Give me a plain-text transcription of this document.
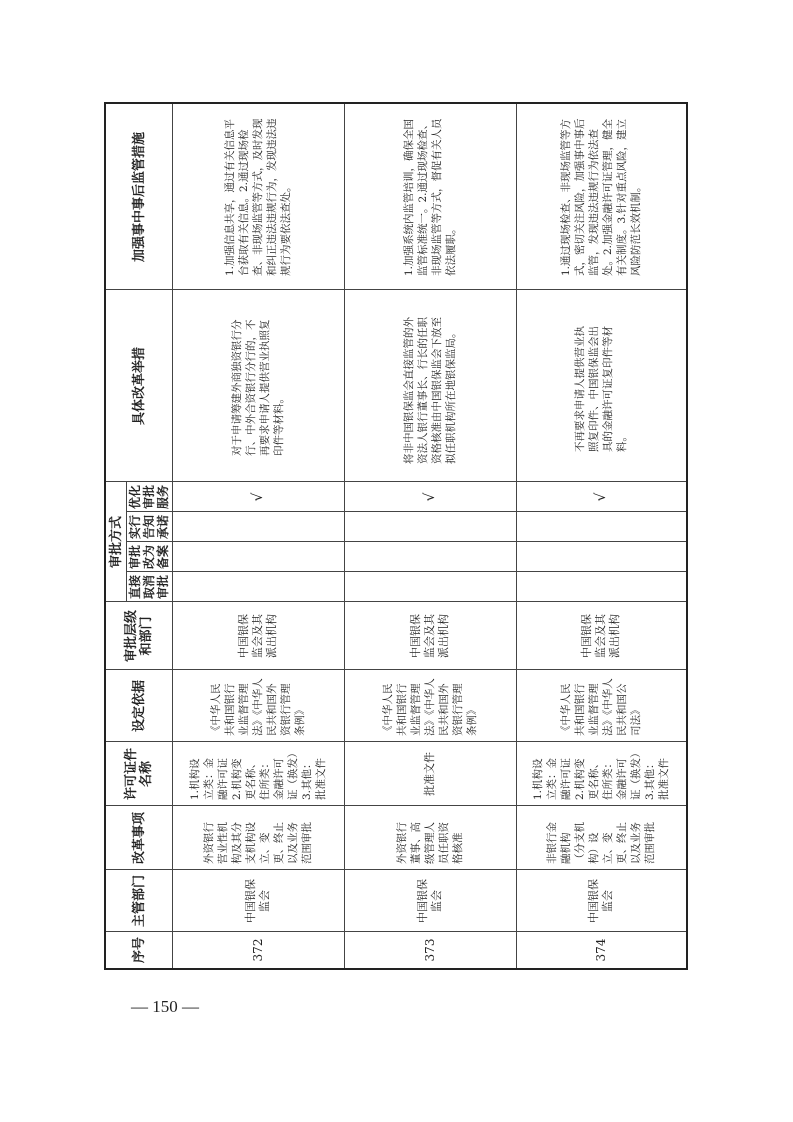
序号
主管部门
改革事项
许可证件名称
设定依据
审批层级和部门
审批方式
直接取消审批
审批改为备案
实行告知承诺
优化审批服务
具体改革举措
加强事中事后监管措施
372
中国银保监会
外资银行营业性机构及其分支机构设立、变更、终止以及业务范围审批
1.机构设立类：金融许可证 2.机构变更名称、住所类：金融许可证（换发）3.其他：批准文件
《中华人民共和国银行业监督管理法》《中华人民共和国外资银行管理条例》
中国银保监会及其派出机构
√
对于申请筹建外商独资银行分行、中外合资银行分行的，不再要求申请人提供营业执照复印件等材料。
1.加强信息共享，通过有关信息平台获取有关信息。2.通过现场检查、非现场监管等方式，及时发现和纠正违法违规行为，发现违法违规行为要依法查处。
373
中国银保监会
外资银行董事、高级管理人员任职资格核准
批准文件
《中华人民共和国银行业监督管理法》《中华人民共和国外资银行管理条例》
中国银保监会及其派出机构
√
将非中国银保监会直接监管的外资法人银行董事长、行长的任职资格核准由中国银保监会下放至拟任职机构所在地银保监局。
1.加强系统内监管培训，确保全国监管标准统一。2.通过现场检查、非现场监管等方式，督促有关人员依法履职。
374
中国银保监会
非银行金融机构（分支机构）设立、变更、终止以及业务范围审批
1.机构设立类：金融许可证 2.机构变更名称、住所类：金融许可证（换发）3.其他：批准文件
《中华人民共和国银行业监督管理法》《中华人民共和国公司法》
中国银保监会及其派出机构
√
不再要求申请人提供营业执照复印件、中国银保监会出具的金融许可证复印件等材料。
1.通过现场检查、非现场监管等方式，密切关注风险，加强事中事后监管，发现违法违规行为依法查处。2.加强金融许可证管理，健全有关制度。3.针对重点风险，建立风险防范长效机制。
— 150 —
